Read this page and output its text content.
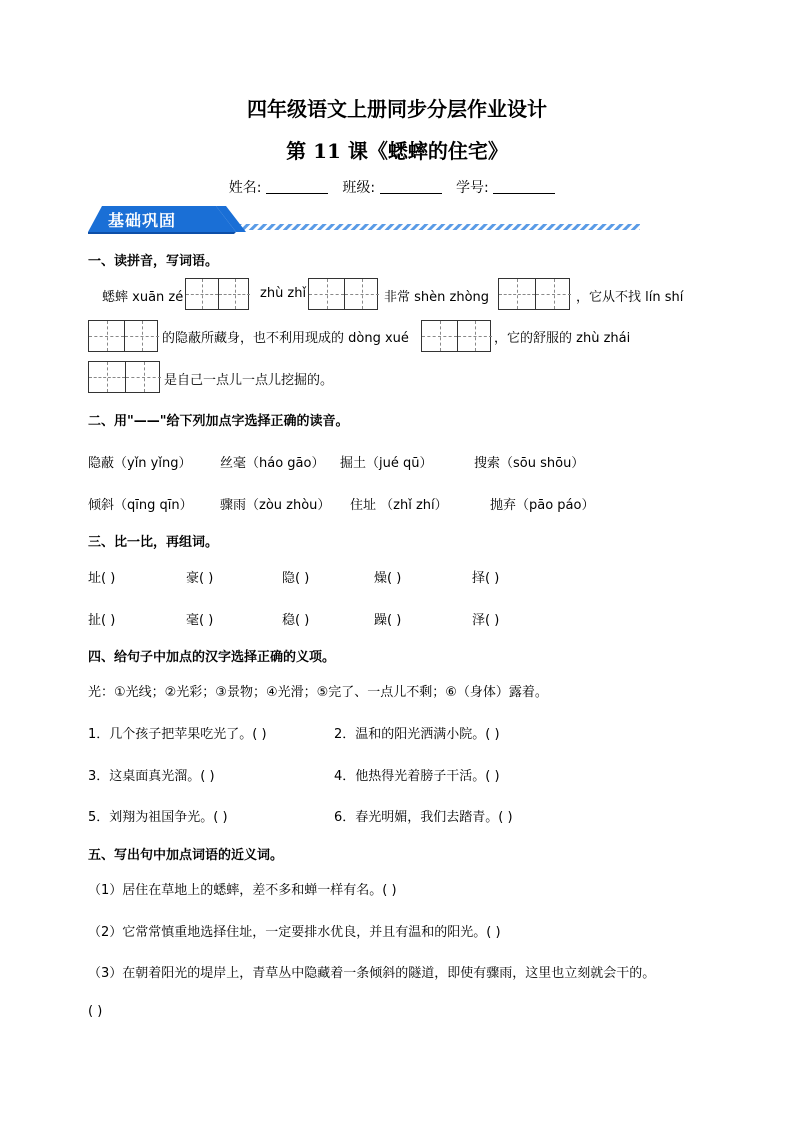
四年级语文上册同步分层作业设计
第 11 课《蟋蟀的住宅》
姓名:	班级:	学号:
基础巩固
一、读拼音，写词语。
蟋蟀 xuān zé	zhù zhǐ	非常 shèn zhòng	，它从不找 lín shí
的隐蔽所藏身，也不利用现成的 dòng xué	，它的舒服的 zhù zhái
是自己一点儿一点儿挖掘的。
二、用"——"给下列加点字选择正确的读音。
隐蔽（yǐn yǐng） 丝毫（háo gāo） 掘土（jué qū）	搜索（sōu shōu）
倾斜（qīng qīn） 骤雨（zòu zhòu） 住址 （zhǐ zhí）	抛弃（pāo páo）
三、比一比，再组词。
址( )	豪( )	隐( )	燥( )	择( )
扯( )	毫( )	稳( )	躁( )	泽( )
四、给句子中加点的汉字选择正确的义项。
光：①光线；②光彩；③景物；④光滑；⑤完了、一点儿不剩；⑥（身体）露着。
1．几个孩子把苹果吃光了。( )	2．温和的阳光洒满小院。( )
3．这桌面真光溜。( )	4．他热得光着膀子干活。( )
5．刘翔为祖国争光。( )	6．春光明媚，我们去踏青。( )
五、写出句中加点词语的近义词。
（1）居住在草地上的蟋蟀，差不多和蝉一样有名。( )
（2）它常常慎重地选择住址，一定要排水优良，并且有温和的阳光。( )
（3）在朝着阳光的堤岸上，青草丛中隐藏着一条倾斜的隧道，即使有骤雨，这里也立刻就会干的。
( )
